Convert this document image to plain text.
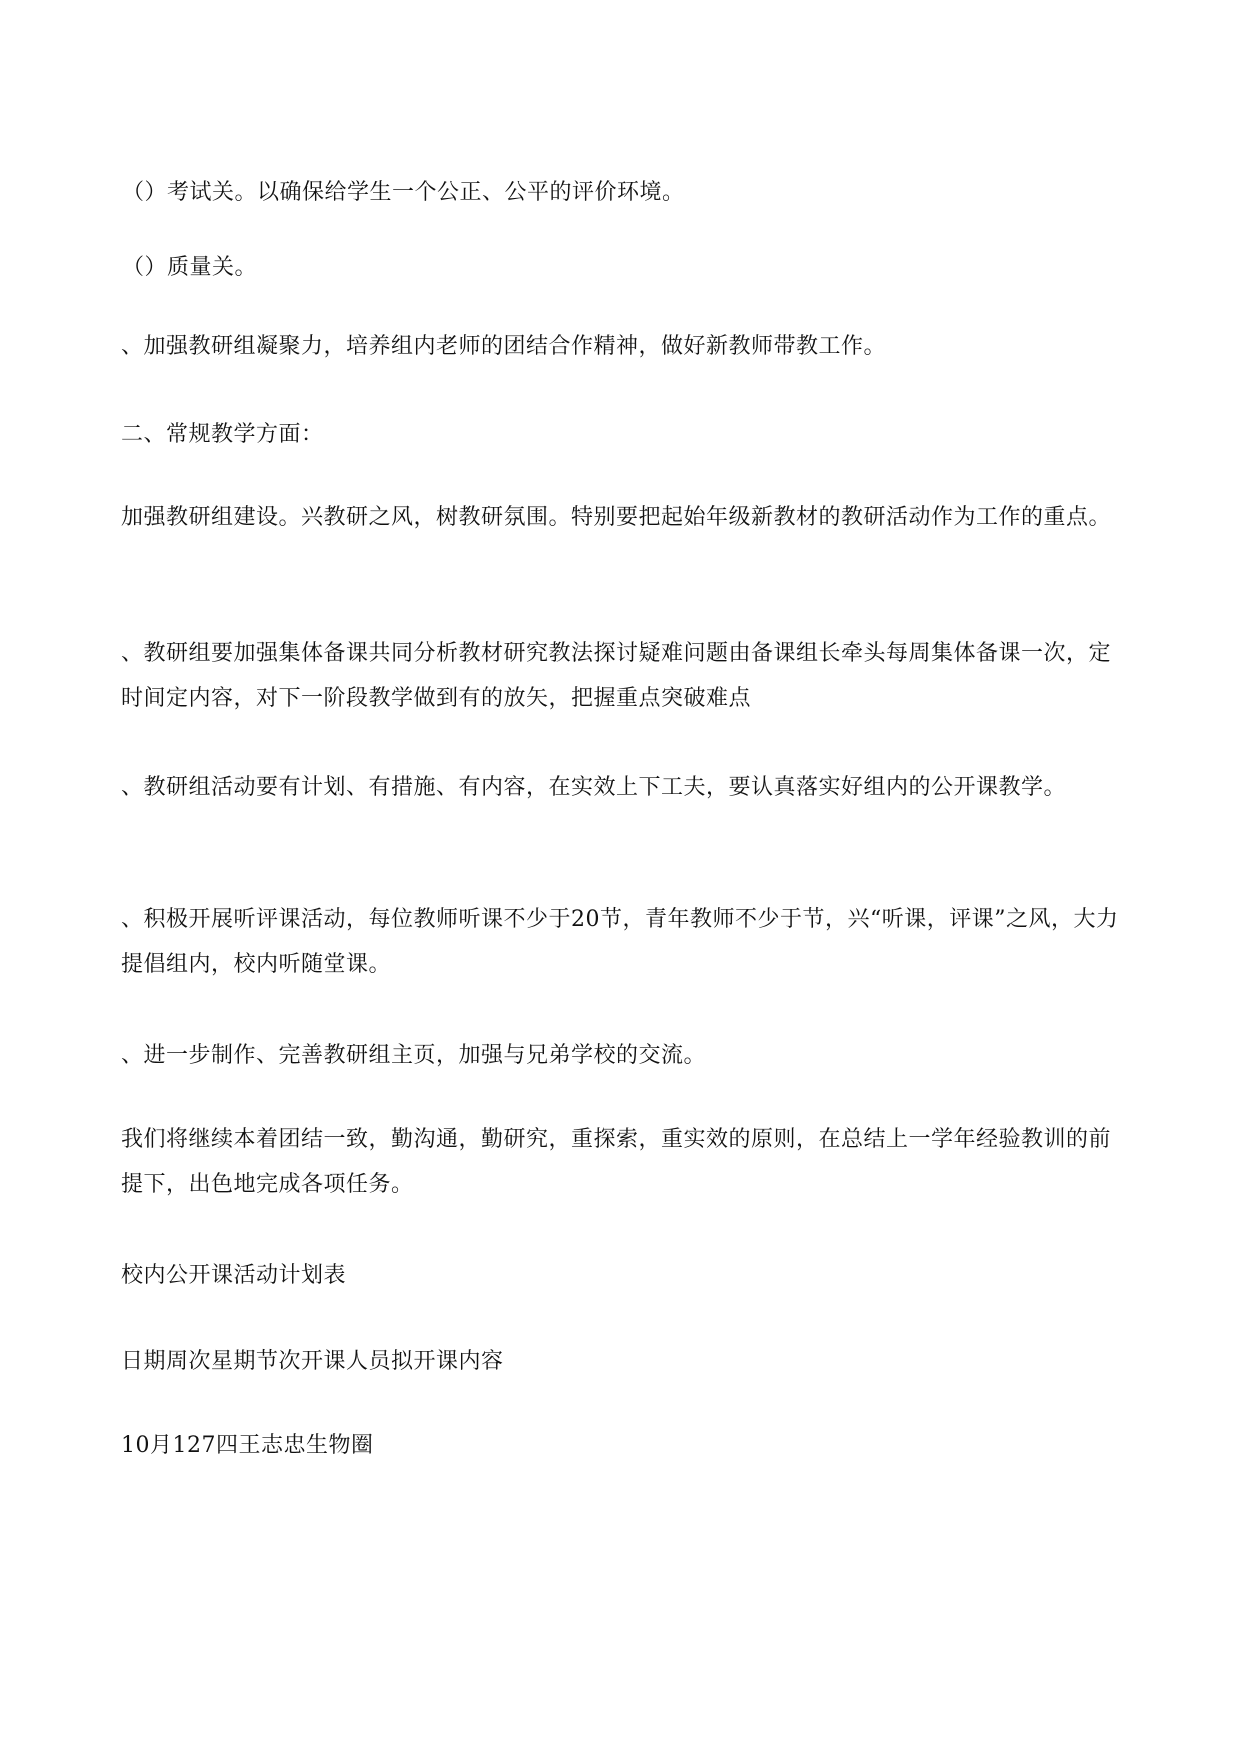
（）考试关。以确保给学生一个公正、公平的评价环境。

（）质量关。

、加强教研组凝聚力，培养组内老师的团结合作精神，做好新教师带教工作。

二、常规教学方面：

加强教研组建设。兴教研之风，树教研氛围。特别要把起始年级新教材的教研活动作为工作的重点。

、教研组要加强集体备课共同分析教材研究教法探讨疑难问题由备课组长牵头每周集体备课一次，定时间定内容，对下一阶段教学做到有的放矢，把握重点突破难点

、教研组活动要有计划、有措施、有内容，在实效上下工夫，要认真落实好组内的公开课教学。

、积极开展听评课活动，每位教师听课不少于20节，青年教师不少于节，兴“听课，评课”之风，大力提倡组内，校内听随堂课。

、进一步制作、完善教研组主页，加强与兄弟学校的交流。

我们将继续本着团结一致，勤沟通，勤研究，重探索，重实效的原则，在总结上一学年经验教训的前提下，出色地完成各项任务。

校内公开课活动计划表

日期周次星期节次开课人员拟开课内容

10月127四王志忠生物圈
